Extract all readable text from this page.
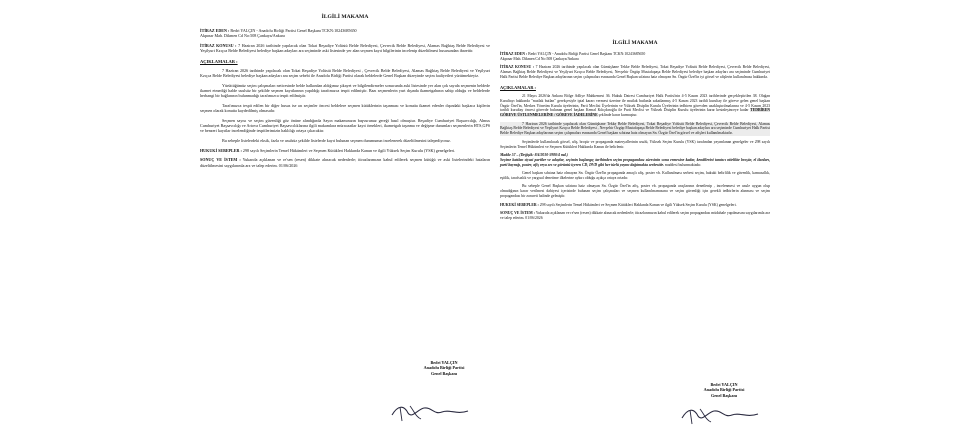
İLGİLİ MAKAMA
İTİRAZ EDEN : Bedri YALÇIN - Anadolu Birliği Partisi Genel Başkanı TCKN:10243685650
Akpınar Mah. Dikmen Cd No:508 Çankaya/Ankara
İTİRAZ KONUSU : 7 Haziran 2026 tarihinde yapılacak olan Tokat Reşadiye Yolüstü Belde Belediyesi, Çevrecik Belde Belediyesi, Alamas Bağlıtaş Belde Belediyesi ve Yeşilyurt Kzıçca Belde Belediyesi belediye başkan adayları ara seçiminde aski listesinde yer alan seçmen kayıt bilgilerinin incelenip düzeltilmesi hususundan ibarettir.
AÇIKLAMALAR :
7 Haziran 2026 tarihinde yapılacak olan Tokat Reşadiye Yolüstü Belde Belediyesi , Çevrecik Belde Belediyesi, Alamas Bağlıtaş Belde Belediyesi ve Yeşilyurt Kzıçca Belde Belediyesi belediye başkan adayları ara seçim sebebi ile Anadolu Birliği Partisi olarak beldelerde Genel Başkan düzeyinde seçim faaliyetleri yürütmekteyiz.
Yürüttüğümüz seçim çalışmaları neticesinde belde halkından aldığımız şikayet ve bilgilendirmeler sonucunda aski listesinde yer alan çok sayıda seçmenin beldede ikamet etmediği halde usulsüz bir şekilde seçmen kayıtlarının yapıldığı tarafımızca tespit edilmiştir. Bazı seçmenlerin yurt dışında ikametgahının sahip olduğu ve beldelerde herhangi bir bağlarının bulunmadığı tarafımızca tespit edilmiştir.
Tarafımızca tespit edilen bir diğer husus ise arı seçimler öncesi beldelere seçmen kütüklerinin taşınması ve konutta ikamet edenler dışındaki başkaca kişilerin seçmen olarak konutta kaydedilmiş olmasıdır.
Seçmen sayısı ve seçim güvenliği göz önüne alındığında Sayın makamınızın başvurunuz gereği hasıl olmuştur. Reşadiye Cumhuriyet Başsavcılığı, Almus Cumhuriyet Başsavcılığı ve Artova Cumhuriyet Başsavcılıklarına ilgili makamlara müracaatlar kayıt örnekleri, ikametgah taşınma ve değişme durumları seçmenlerin HTS,GPS ve benzeri kayıtlar incelendiğinde tespitlerimizin haklılığı ortaya çıkacaktır.
Bu sebeple listelerdeki eksik, fazla ve usulsüz şekilde listelerde kayıt bulunan seçmen durumunun incelenerek düzeltilmesini talepediyoruz.
HUKUKİ SEBEPLER : 298 sayılı Seçimlerin Temel Hükümleri ve Seçmen Kütükleri Hakkında Kanun ve ilgili Yüksek Seçim Kurulu (YSK) genelgeleri.
SONUÇ VE İSTEM : Yukarıda açıklanan ve re'sen (resen) dikkate alınacak nedenlerle; itirazlarımızın kabul edilerek seçmen kütüğü ve aski listelerindeki hataların düzeltilmesini saygılarımla arz ve talep ederim. 01/06/2026
Bedri YALÇIN
Anadolu Birliği Partisi
Genel Başkanı
İLGİLİ MAKAMA
İTİRAZ EDEN : Bedri YALÇIN - Anadolu Birliği Partisi Genel Başkanı TCKN:10243685650
Akpınar Mah. Dikmen Cd No:508 Çankaya/Ankara
İTİRAZ KONUSU : 7 Haziran 2026 tarihinde yapılacak olan Gümüşhane Tekke Belde Belediyesi, Tokat Reşadiye Yolüstü Belde Belediyesi, Çevrecik Belde Belediyesi, Alamas Bağlıtaş Belde Belediyesi ve Yeşilyurt Kzıçca Belde Belediyesi, Nevşehir Özgüp Mustafapaşa Belde Belediyesi belediye başkan adayları ara seçiminde Cumhuriyet Halk Partisi Belde Belediye Başkan adaylarının seçim çalışmaları esnasında Genel Başkan sıfatına haiz olmayan Sn. Özgür Özel'in iyi görsel ve afişlerin kullanılması hakkında.
AÇIKLAMALAR :
21 Mayıs 2026'da Ankara Bölge Adliye Mahkemesi 36. Hukuk Dairesi Cumhuriyet Halk Partisi'nin 4-5 Kasım 2023 tarihlerinde gerçekleştirilen 38. Olağan Kurultayı hakkında "mutlak butlan" gerekçesiyle iptal kararı vermesi üzerine ile mutlak butlanla sakatlanmış 4-5 Kasım 2023 tarihli kurultay ile göreve gelen genel başkan Özgür Özel'in, Merkez Yönetim Kurulu üyelerinin, Parti Meclisi Üyelerinin ve Yüksek Disiplin Kurulu Üyelerinin tedbiren görevden uzaklaştırılmalarına ve 4-5 Kasım 2023 tarihli kurultay öncesi görevde bulunan genel başkan Kemal Kılıçdaroğlu ile Parti Meclisi ve Yüksek Disiplin Kurulu üyelerinin karar kesinleşinceye kadar TEDBİREN GÖREVE ÜSTLENMELERİNE / GÖREVE İADELERİNE şeklinde karar kurmuştur.
7 Haziran 2026 tarihinde yapılacak olan Gümüşhane Tekke Belde Belediyesi, Tokat Reşadiye Yolüstü Belde Belediyesi, Çevrecik Belde Belediyesi, Alamas Bağlıtaş Belde Belediyesi ve Yeşilyurt Kzıçca Belde Belediyesi , Nevşehir Özgüp Mustafapaşa Belde Belediyesi belediye başkan adayları ara seçiminde Cumhuriyet Halk Partisi Belde Belediye Başkan adaylarının seçim çalışmaları esnasında Genel başkan sıfatına haiz olmayan Sn. Özgür Özel'in görsel ve afişleri kullanılmaktadır.
Seçimlerde kullanılacak görsel, afiş, broşür ve propaganda materyallerinin usulü, Yüksek Seçim Kurulu (YSK) tarafından yayımlanan genelgeler ve 298 sayılı Seçimlerin Temel Hükümleri ve Seçmen Kütükleri Hakkında Kanun ile belirlenir.
Madde 57 – (Değişik: 8/4/2010-5980/4 md.)
Seçime katılan siyasi partiler ve adaylar, seçimin başlangıç tarihinden seçim propagandası süresinin sona ermesine kadar, kendilerini tanıtıcı nitelikte broşür, el ilanları, parti bayrağı, poster, afiş veya ses ve görüntü içeren CD, DVD gibi her türlü yayını dağıtmakta serbesttir. maddesi bulunmaktadır.
Genel başkan sıfatına haiz olmayan Sn. Özgür Özel'in propaganda amaçlı afiş, poster vb. Kullanılması serbest seçim, hukuki belirlilik ve güvenlik, kamusallık, eşitlik, tarafsızlık ve yargısal denetime ilkelerine aykırı olduğu açıkça ortaya ortadır.
Bu sebeple Genel Başkan sıfatına haiz olmayan Sn. Özgür Özel'in afiş, poster vb. propaganda araçlarının denetlenip , incelenmesi ve usule uygun olup olmadığının karar verilmesi dahiyesi içerisinde bulunan seçim çalışmaları ve seçmen kullanılmamasına ve seçim güvenliği için gerekli tedbirlerin alınması ve seçim propagandası bir zarureti halinde gelmiştir.
HUKUKİ SEBEPLER : 298 sayılı Seçimlerin Temel Hükümleri ve Seçmen Kütükleri Hakkında Kanun ve ilgili Yüksek Seçim Kurulu (YSK) genelgeleri.
SONUÇ VE İSTEM : Yukarıda açıklanan ve re'sen (resen) dikkate alınacak nedenlerle; itirazlarımızın kabul edilerek seçim propagandası müdahale yapılmasını saygılarımla arz ve talep ederim. 01/06/2026
Bedri YALÇIN
Anadolu Birliği Partisi
Genel Başkanı
